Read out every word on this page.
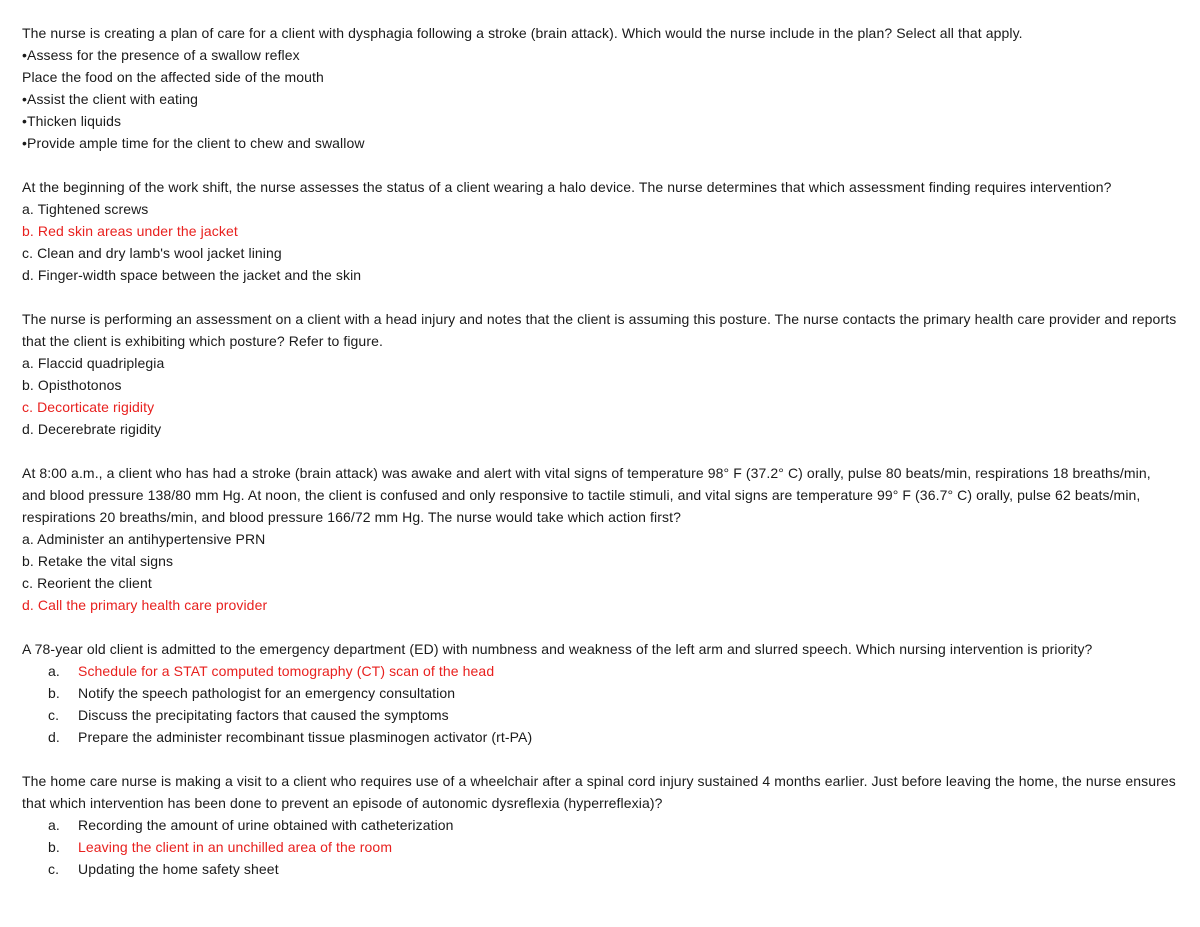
The nurse is creating a plan of care for a client with dysphagia following a stroke (brain attack). Which would the nurse include in the plan? Select all that apply.
•Assess for the presence of a swallow reflex
Place the food on the affected side of the mouth
•Assist the client with eating
•Thicken liquids
•Provide ample time for the client to chew and swallow
At the beginning of the work shift, the nurse assesses the status of a client wearing a halo device. The nurse determines that which assessment finding requires intervention?
a. Tightened screws
b. Red skin areas under the jacket
c. Clean and dry lamb's wool jacket lining
d. Finger-width space between the jacket and the skin
The nurse is performing an assessment on a client with a head injury and notes that the client is assuming this posture. The nurse contacts the primary health care provider and reports that the client is exhibiting which posture? Refer to figure.
a. Flaccid quadriplegia
b. Opisthotonos
c. Decorticate rigidity
d. Decerebrate rigidity
At 8:00 a.m., a client who has had a stroke (brain attack) was awake and alert with vital signs of temperature 98° F (37.2° C) orally, pulse 80 beats/min, respirations 18 breaths/min, and blood pressure 138/80 mm Hg. At noon, the client is confused and only responsive to tactile stimuli, and vital signs are temperature 99° F (36.7° C) orally, pulse 62 beats/min, respirations 20 breaths/min, and blood pressure 166/72 mm Hg. The nurse would take which action first?
a. Administer an antihypertensive PRN
b. Retake the vital signs
c. Reorient the client
d. Call the primary health care provider
A 78-year old client is admitted to the emergency department (ED) with numbness and weakness of the left arm and slurred speech. Which nursing intervention is priority?
a. Schedule for a STAT computed tomography (CT) scan of the head
b. Notify the speech pathologist for an emergency consultation
c. Discuss the precipitating factors that caused the symptoms
d. Prepare the administer recombinant tissue plasminogen activator (rt-PA)
The home care nurse is making a visit to a client who requires use of a wheelchair after a spinal cord injury sustained 4 months earlier. Just before leaving the home, the nurse ensures that which intervention has been done to prevent an episode of autonomic dysreflexia (hyperreflexia)?
a. Recording the amount of urine obtained with catheterization
b. Leaving the client in an unchilled area of the room
c. Updating the home safety sheet
